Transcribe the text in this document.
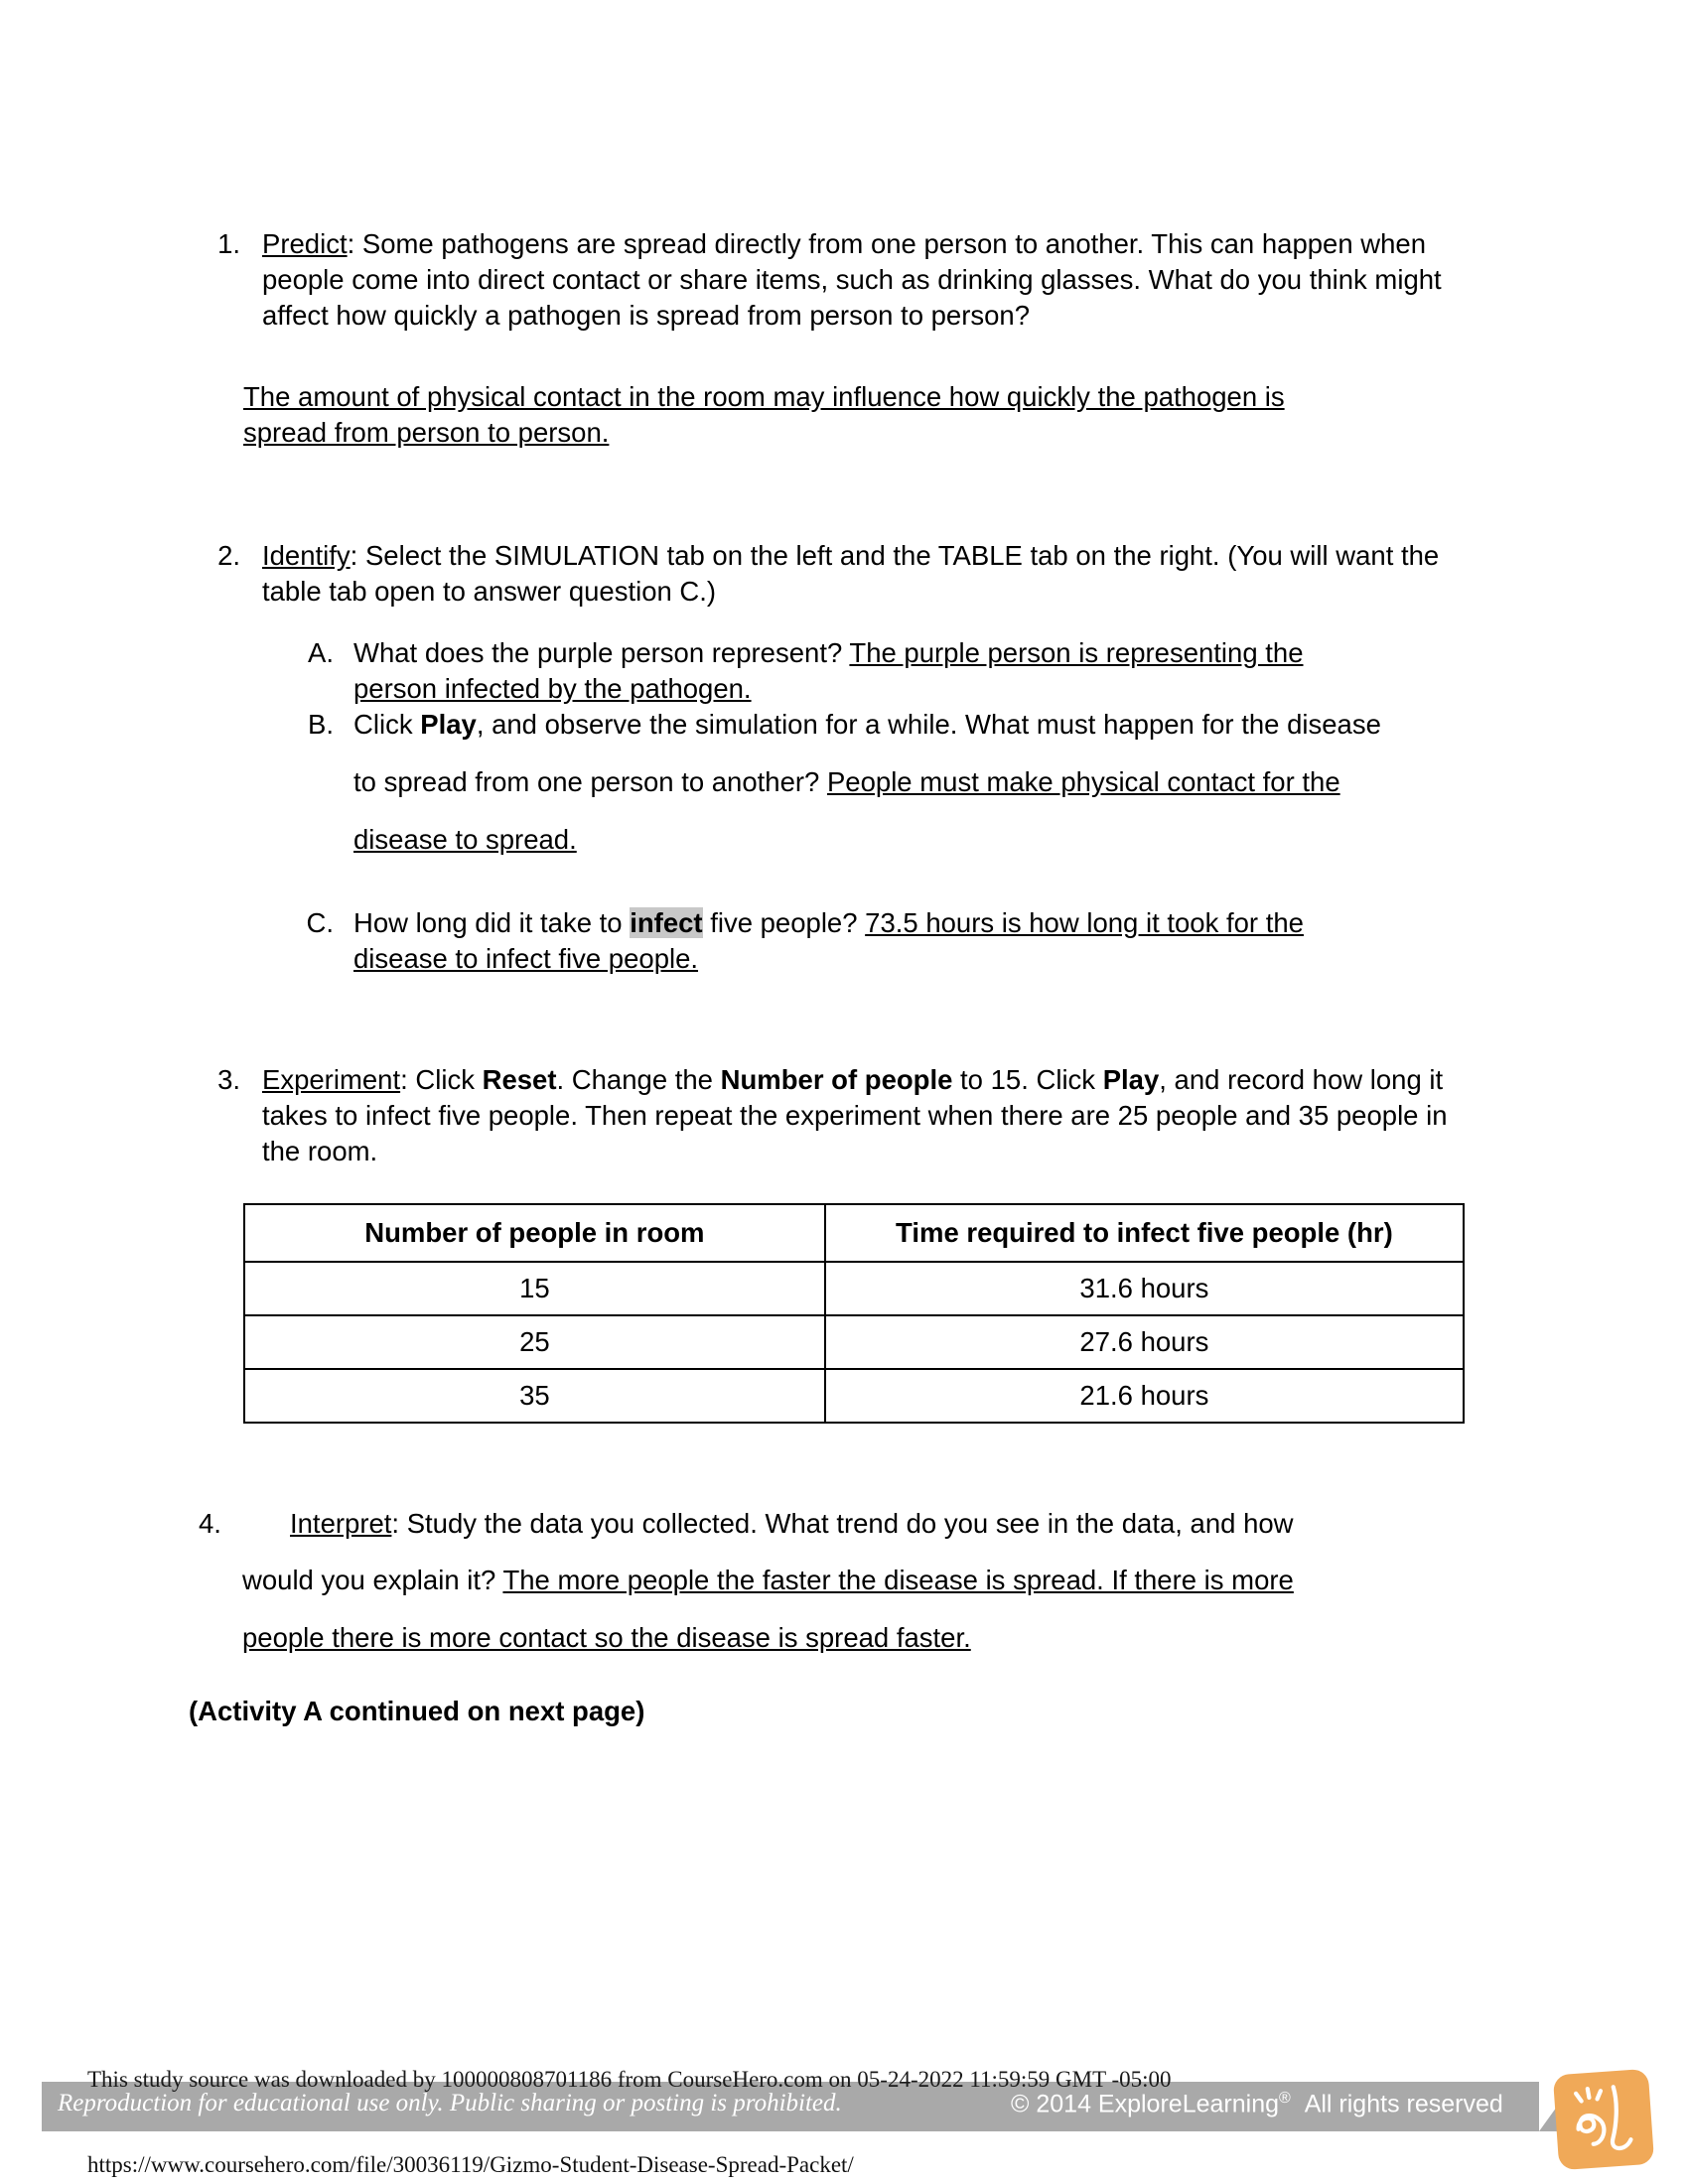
1. Predict: Some pathogens are spread directly from one person to another. This can happen when people come into direct contact or share items, such as drinking glasses. What do you think might affect how quickly a pathogen is spread from person to person?
The amount of physical contact in the room may influence how quickly the pathogen is
spread from person to person.
2. Identify: Select the SIMULATION tab on the left and the TABLE tab on the right. (You will want the table tab open to answer question C.)
A. What does the purple person represent? The purple person is representing the
person infected by the pathogen.
B. Click Play, and observe the simulation for a while. What must happen for the disease
to spread from one person to another? People must make physical contact for the
disease to spread.
C. How long did it take to infect five people? 73.5 hours is how long it took for the
disease to infect five people.
3. Experiment: Click Reset. Change the Number of people to 15. Click Play, and record how long it takes to infect five people. Then repeat the experiment when there are 25 people and 35 people in the room.
Number of people in room	Time required to infect five people (hr)
15	31.6 hours
25	27.6 hours
35	21.6 hours
4.	Interpret: Study the data you collected. What trend do you see in the data, and how
would you explain it? The more people the faster the disease is spread. If there is more
people there is more contact so the disease is spread faster.
(Activity A continued on next page)
This study source was downloaded by 100000808701186 from CourseHero.com on 05-24-2022 11:59:59 GMT -05:00
Reproduction for educational use only. Public sharing or posting is prohibited.	© 2014 ExploreLearning® All rights reserved
https://www.coursehero.com/file/30036119/Gizmo-Student-Disease-Spread-Packet/
